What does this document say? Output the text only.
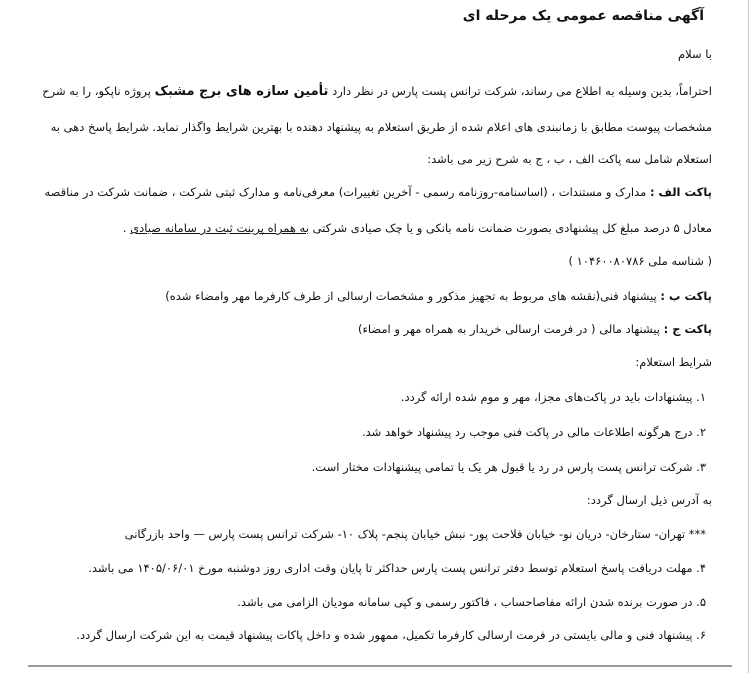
آگهی مناقصه عمومی یک مرحله ای
با سلام
احتراماً، بدین وسیله به اطلاع می رساند، شرکت ترانس پست پارس در نظر دارد تأمین سازه های برج مشبک پروژه ناپکو، را به شرح
مشخصات پیوست مطابق با زمانبندی های اعلام شده از طریق استعلام به پیشنهاد دهنده با بهترین شرایط واگذار نماید. شرایط پاسخ دهی به
استعلام شامل سه پاکت الف ، ب ، ج به شرح زیر می باشد:
پاکت الف : مدارک و مستندات ، (اساسنامه-روزنامه رسمی - آخرین تغییرات) معرفی‌نامه و مدارک ثبتی شرکت ، ضمانت شرکت در مناقصه
معادل ۵ درصد مبلغ کل پیشنهادی بصورت ضمانت نامه بانکی و یا چک صیادی شرکتی به همراه پرینت ثبت در سامانه صیادی .
( شناسه ملی ۱۰۴۶۰۰۸۰۷۸۶ )
پاکت ب : پیشنهاد فنی(نقشه های مربوط به تجهیز مذکور و مشخصات ارسالی از طرف کارفرما مهر وامضاء شده)
پاکت ج : پیشنهاد مالی ( در فرمت ارسالی خریدار به همراه مهر و امضاء)
شرایط استعلام:
۱. پیشنهادات باید در پاکت‌های مجزا، مهر و موم شده ارائه گردد.
۲. درج هرگونه اطلاعات مالی در پاکت فنی موجب رد پیشنهاد خواهد شد.
۳. شرکت ترانس پست پارس در رد یا قبول هر یک یا تمامی پیشنهادات مختار است.
به آدرس ذیل ارسال گردد:
*** تهران- ستارخان- دریان نو- خیابان فلاحت پور- نبش خیابان پنجم- پلاک ۱۰- شرکت ترانس پست پارس — واحد بازرگانی
۴. مهلت دریافت پاسخ استعلام توسط دفتر ترانس پست پارس حداکثر تا پایان وقت اداری روز دوشنبه مورخ ۱۴۰۵/۰۶/۰۱ می باشد.
۵. در صورت برنده شدن ارائه مفاصاحساب ، فاکتور رسمی و کپی سامانه مودیان الزامی می باشد.
۶. پیشنهاد فنی و مالی بایستی در فرمت ارسالی کارفرما تکمیل، ممهور شده و داخل پاکات پیشنهاد قیمت به این شرکت ارسال گردد.
